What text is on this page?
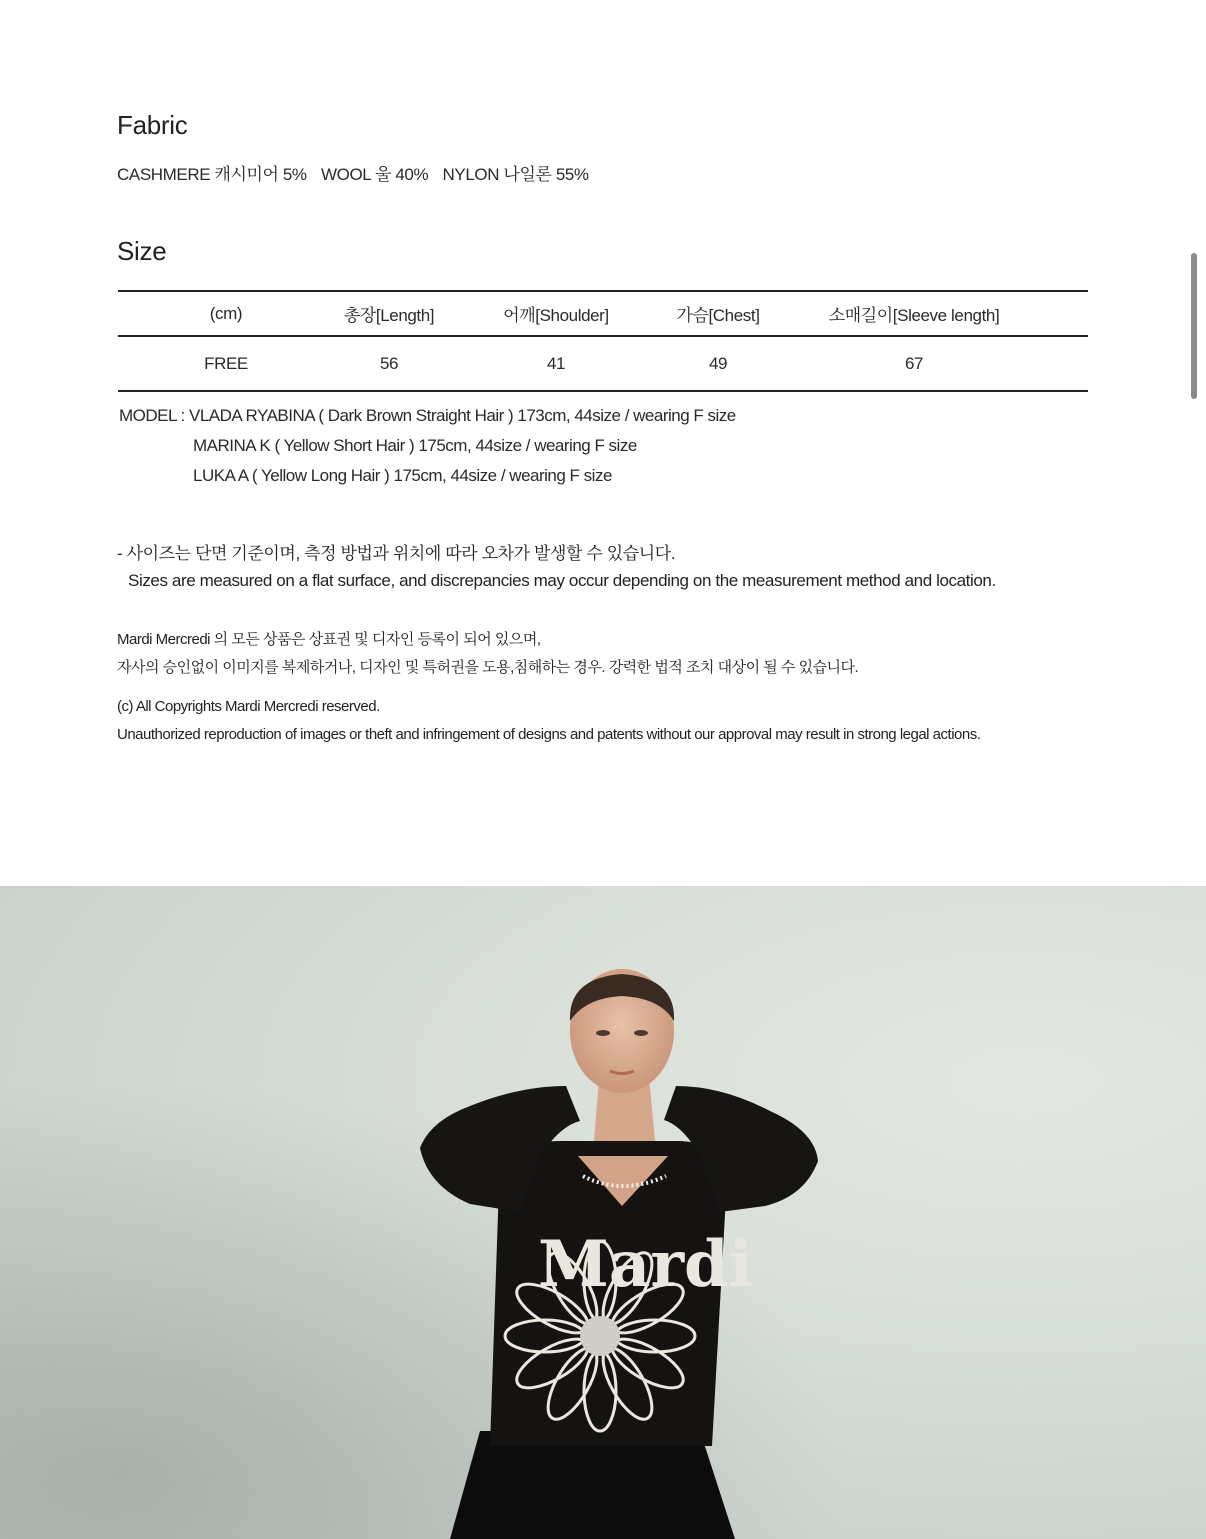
Fabric
CASHMERE 캐시미어 5% WOOL 울 40% NYLON 나일론 55%
Size
(cm)	총장[Length]	어깨[Shoulder]	가슴[Chest]	소매길이[Sleeve length]	
FREE	56	41	49	67	
MODEL : VLADA RYABINA ( Dark Brown Straight Hair ) 173cm, 44size / wearing F size
MARINA K ( Yellow Short Hair ) 175cm, 44size / wearing F size
LUKA A ( Yellow Long Hair ) 175cm, 44size / wearing F size
- 사이즈는 단면 기준이며, 측정 방법과 위치에 따라 오차가 발생할 수 있습니다.
Sizes are measured on a flat surface, and discrepancies may occur depending on the measurement method and location.
Mardi Mercredi 의 모든 상품은 상표권 및 디자인 등록이 되어 있으며,
자사의 승인없이 이미지를 복제하거나, 디자인 및 특허권을 도용,침해하는 경우. 강력한 법적 조치 대상이 될 수 있습니다.
(c) All Copyrights Mardi Mercredi reserved.
Unauthorized reproduction of images or theft and infringement of designs and patents without our approval may result in strong legal actions.
Mardi
